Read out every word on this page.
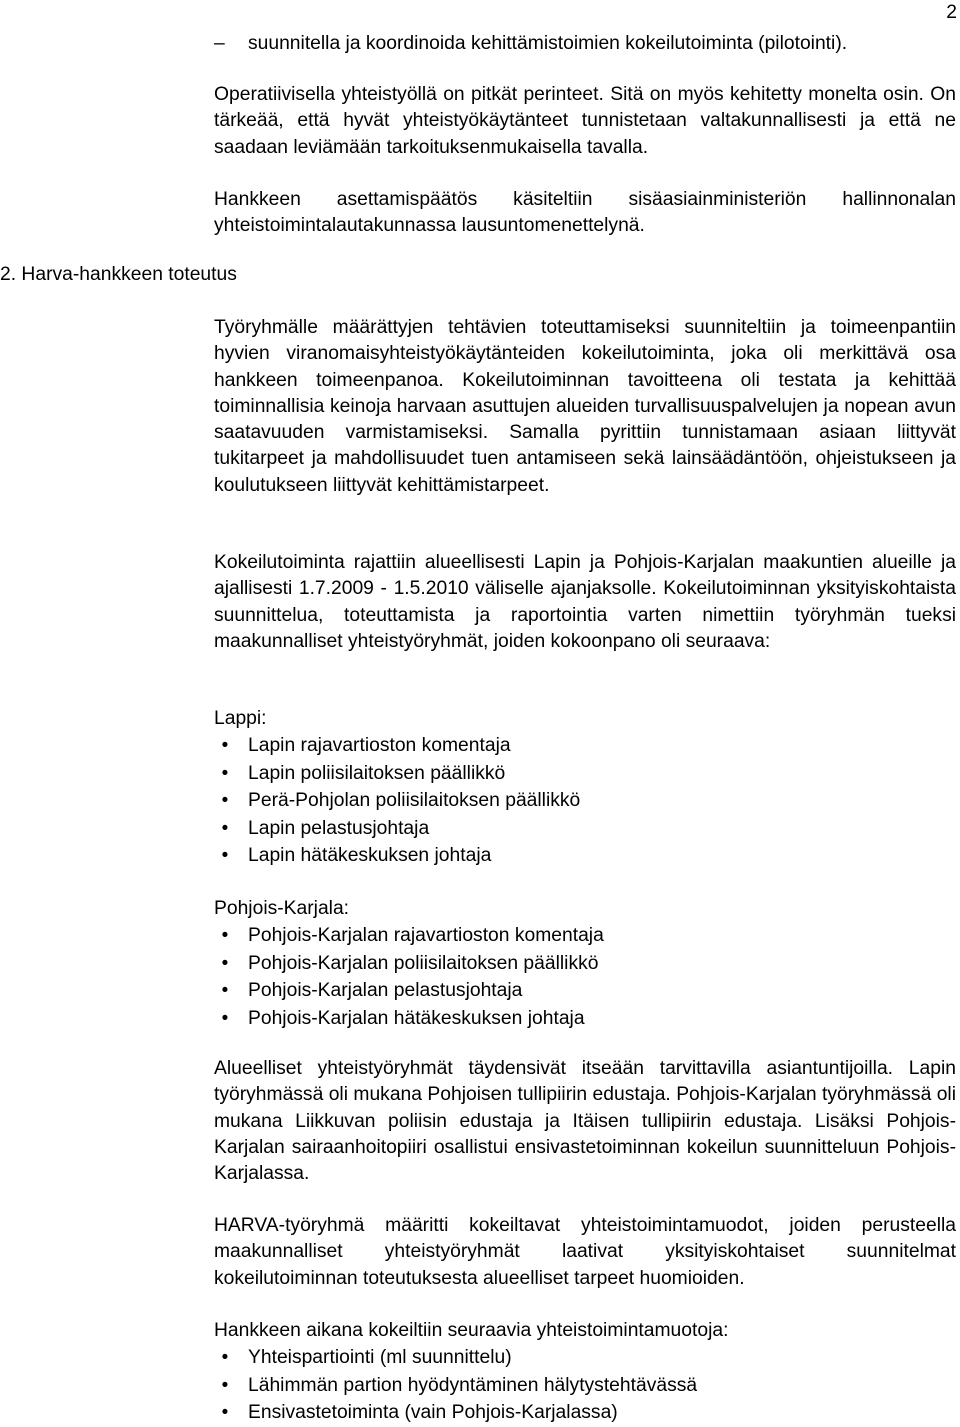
2
–	suunnitella ja koordinoida kehittämistoimien kokeilutoiminta (pilotointi).

Operatiivisella yhteistyöllä on pitkät perinteet. Sitä on myös kehitetty monelta osin. On tärkeää, että hyvät yhteistyökäytänteet tunnistetaan valtakunnallisesti ja että ne saadaan leviämään tarkoituksenmukaisella tavalla.

Hankkeen asettamispäätös käsiteltiin sisäasiainministeriön hallinnonalan yhteistoimintalautakunnassa lausuntomenettelynä.

2. Harva-hankkeen toteutus

Työryhmälle määrättyjen tehtävien toteuttamiseksi suunniteltiin ja toimeenpantiin hyvien viranomaisyhteistyökäytänteiden kokeilutoiminta, joka oli merkittävä osa hankkeen toimeenpanoa. Kokeilutoiminnan tavoitteena oli testata ja kehittää toiminnallisia keinoja harvaan asuttujen alueiden turvallisuuspalvelujen ja nopean avun saatavuuden varmistamiseksi. Samalla pyrittiin tunnistamaan asiaan liittyvät tukitarpeet ja mahdollisuudet tuen antamiseen sekä lainsäädäntöön, ohjeistukseen ja koulutukseen liittyvät kehittämistarpeet.

Kokeilutoiminta rajattiin alueellisesti Lapin ja Pohjois-Karjalan maakuntien alueille ja ajallisesti 1.7.2009 - 1.5.2010 väliselle ajanjaksolle. Kokeilutoiminnan yksityiskohtaista suunnittelua, toteuttamista ja raportointia varten nimettiin työryhmän tueksi maakunnalliset yhteistyöryhmät, joiden kokoonpano oli seuraava:

Lappi:

• Lapin rajavartioston komentaja
• Lapin poliisilaitoksen päällikkö
• Perä-Pohjolan poliisilaitoksen päällikkö
• Lapin pelastusjohtaja
• Lapin hätäkeskuksen johtaja

Pohjois-Karjala:

• Pohjois-Karjalan rajavartioston komentaja
• Pohjois-Karjalan poliisilaitoksen päällikkö
• Pohjois-Karjalan pelastusjohtaja
• Pohjois-Karjalan hätäkeskuksen johtaja

Alueelliset yhteistyöryhmät täydensivät itseään tarvittavilla asiantuntijoilla. Lapin työryhmässä oli mukana Pohjoisen tullipiirin edustaja. Pohjois-Karjalan työryhmässä oli mukana Liikkuvan poliisin edustaja ja Itäisen tullipiirin edustaja. Lisäksi Pohjois-Karjalan sairaanhoitopiiri osallistui ensivastetoiminnan kokeilun suunnitteluun Pohjois-Karjalassa.

HARVA-työryhmä määritti kokeiltavat yhteistoimintamuodot, joiden perusteella maakunnalliset yhteistyöryhmät laativat yksityiskohtaiset suunnitelmat kokeilutoiminnan toteutuksesta alueelliset tarpeet huomioiden.

Hankkeen aikana kokeiltiin seuraavia yhteistoimintamuotoja:

• Yhteispartiointi (ml suunnittelu)
• Lähimmän partion hyödyntäminen hälytystehtävässä
• Ensivastetoiminta (vain Pohjois-Karjalassa)
